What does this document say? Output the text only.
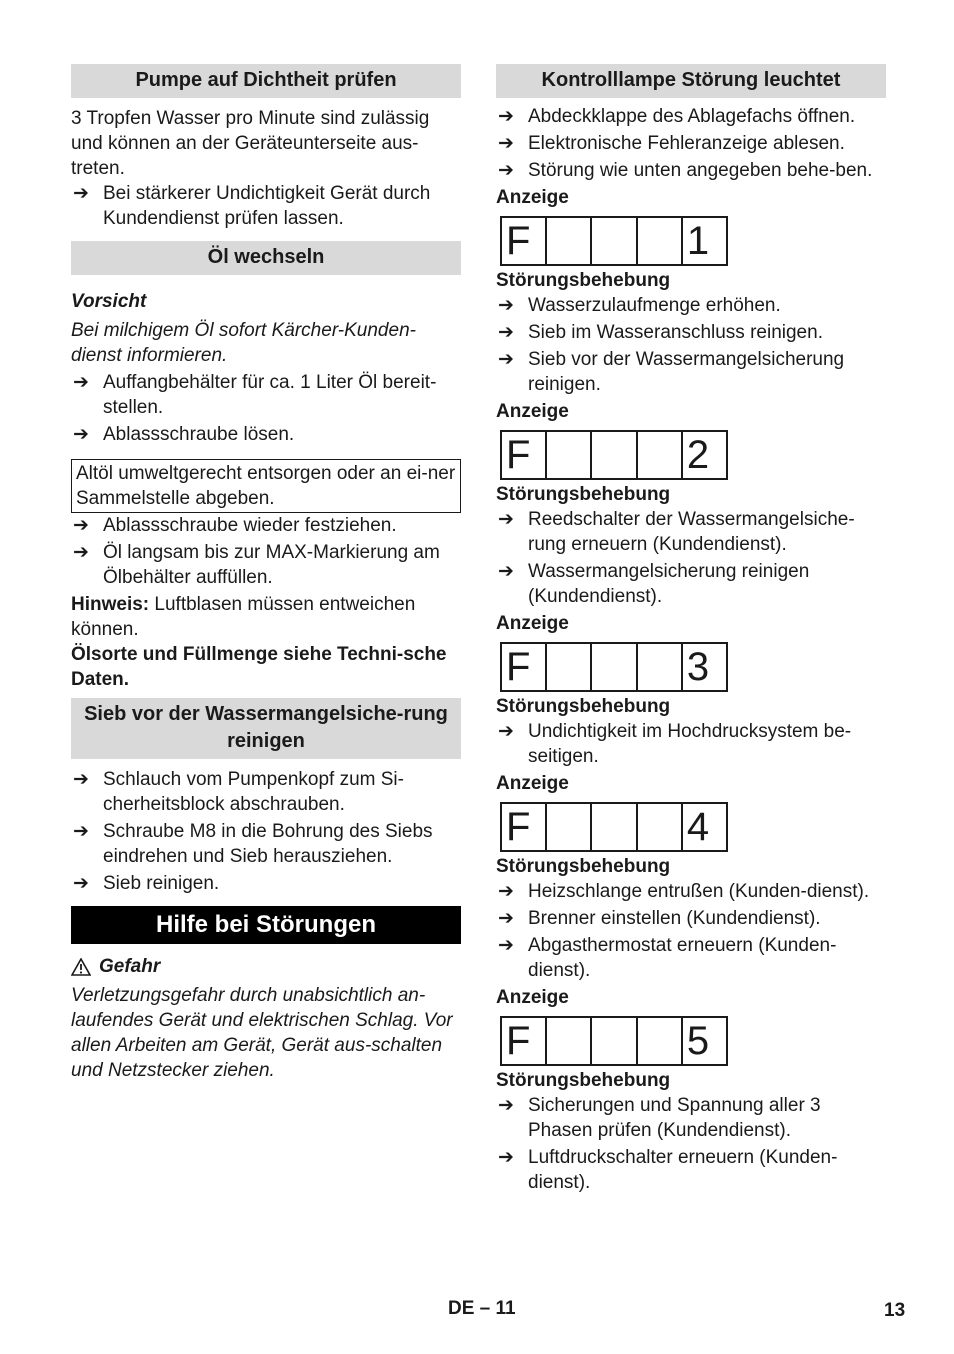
Pumpe auf Dichtheit prüfen

3 Tropfen Wasser pro Minute sind zulässig und können an der Geräteunterseite aus-treten.

➔ Bei stärkerer Undichtigkeit Gerät durch Kundendienst prüfen lassen.
Öl wechseln

Vorsicht

Bei milchigem Öl sofort Kärcher-Kunden-dienst informieren.

➔ Auffangbehälter für ca. 1 Liter Öl bereit-stellen.
➔ Ablassschraube lösen.
Altöl umweltgerecht entsorgen oder an ei-ner Sammelstelle abgeben.
➔ Ablassschraube wieder festziehen.
➔ Öl langsam bis zur MAX-Markierung am Ölbehälter auffüllen.

Hinweis: Luftblasen müssen entweichen können.

Ölsorte und Füllmenge siehe Techni-sche Daten.

Sieb vor der Wassermangelsiche-rung reinigen
➔ Schlauch vom Pumpenkopf zum Si-cherheitsblock abschrauben.
➔ Schraube M8 in die Bohrung des Siebs eindrehen und Sieb herausziehen.
➔ Sieb reinigen.
Hilfe bei Störungen
Gefahr

Verletzungsgefahr durch unabsichtlich an-laufendes Gerät und elektrischen Schlag. Vor allen Arbeiten am Gerät, Gerät aus-schalten und Netzstecker ziehen.

Kontrolllampe Störung leuchtet
➔ Abdeckklappe des Ablagefachs öffnen.
➔ Elektronische Fehleranzeige ablesen.
➔ Störung wie unten angegeben behe-ben.
Anzeige
F	1
Störungsbehebung
➔ Wasserzulaufmenge erhöhen.
➔ Sieb im Wasseranschluss reinigen.
➔ Sieb vor der Wassermangelsicherung reinigen.
Anzeige
F	2
Störungsbehebung
➔ Reedschalter der Wassermangelsiche-rung erneuern (Kundendienst).
➔ Wassermangelsicherung reinigen (Kundendienst).
Anzeige
F	3
Störungsbehebung
➔ Undichtigkeit im Hochdrucksystem be-seitigen.
Anzeige
F	4
Störungsbehebung
➔ Heizschlange entrußen (Kunden-dienst).
➔ Brenner einstellen (Kundendienst).
➔ Abgasthermostat erneuern (Kunden-dienst).
Anzeige
F	5
Störungsbehebung
➔ Sicherungen und Spannung aller 3 Phasen prüfen (Kundendienst).
➔ Luftdruckschalter erneuern (Kunden-dienst).
DE – 11	13
